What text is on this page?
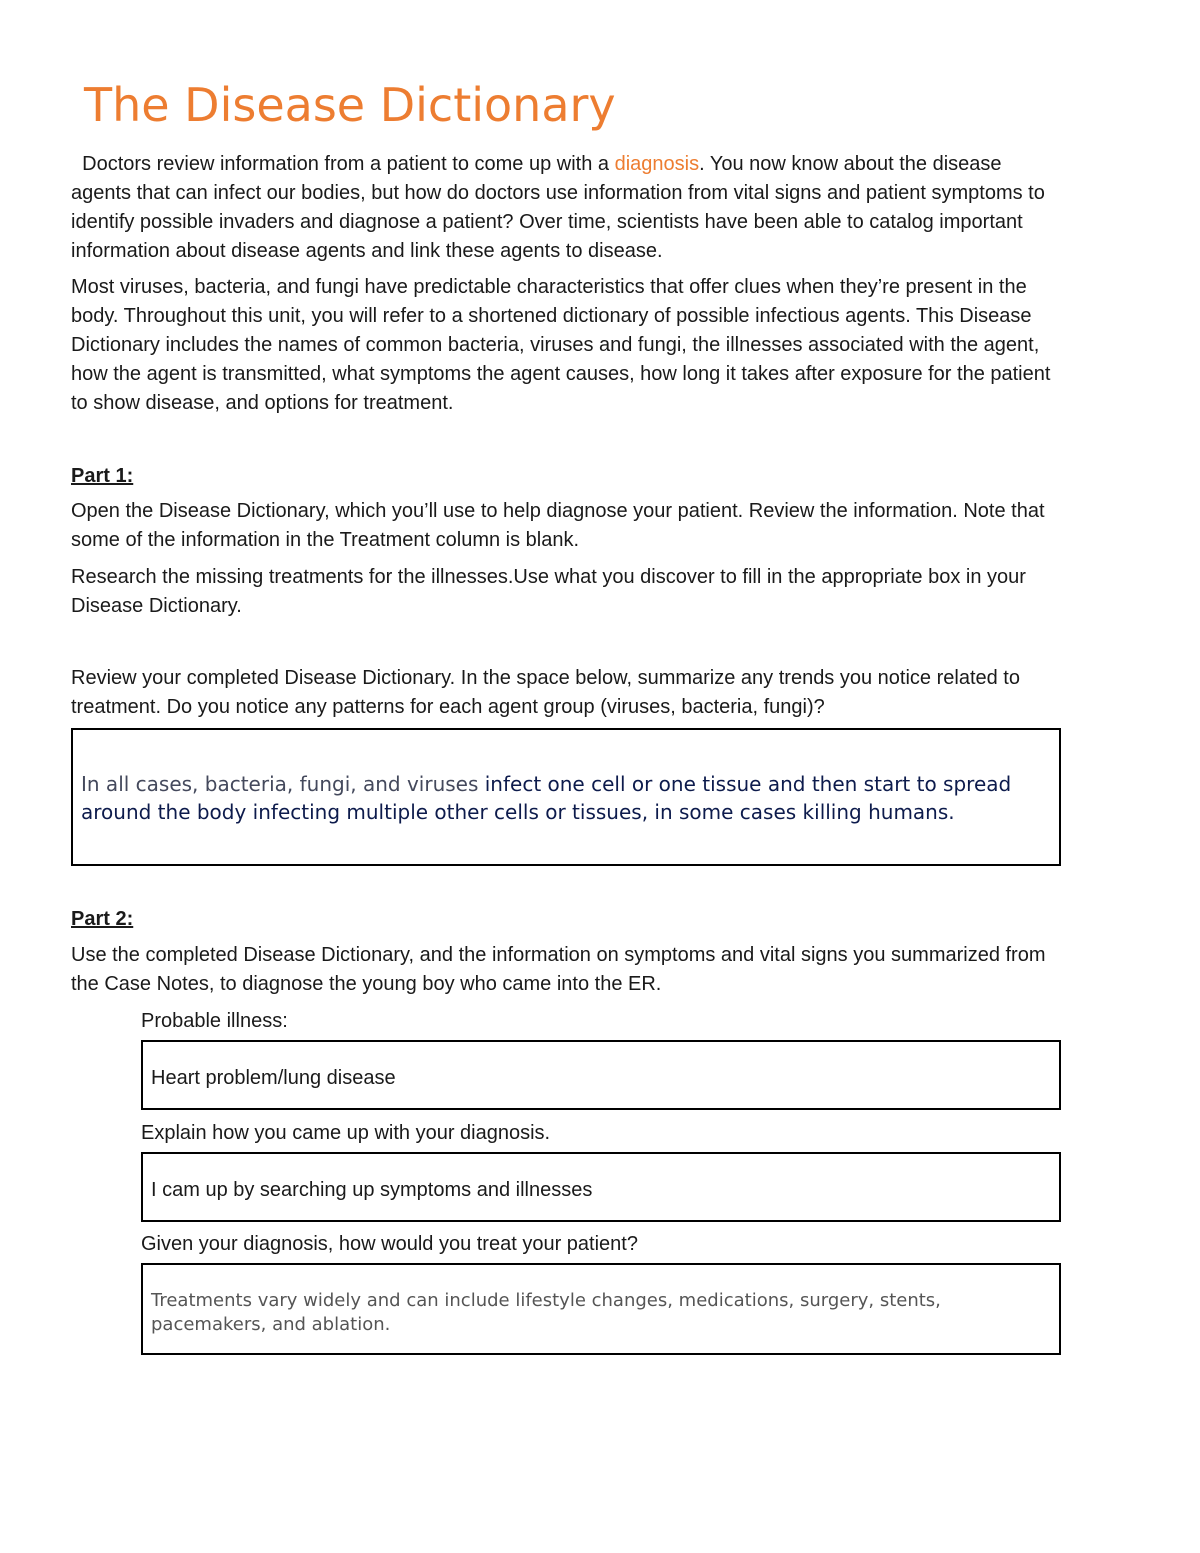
The Disease Dictionary

Doctors review information from a patient to come up with a diagnosis. You now know about the disease agents that can infect our bodies, but how do doctors use information from vital signs and patient symptoms to identify possible invaders and diagnose a patient? Over time, scientists have been able to catalog important information about disease agents and link these agents to disease.

Most viruses, bacteria, and fungi have predictable characteristics that offer clues when they’re present in the body. Throughout this unit, you will refer to a shortened dictionary of possible infectious agents. This Disease Dictionary includes the names of common bacteria, viruses and fungi, the illnesses associated with the agent, how the agent is transmitted, what symptoms the agent causes, how long it takes after exposure for the patient to show disease, and options for treatment.

Part 1:

Open the Disease Dictionary, which you’ll use to help diagnose your patient. Review the information. Note that some of the information in the Treatment column is blank.

Research the missing treatments for the illnesses.Use what you discover to fill in the appropriate box in your Disease Dictionary.

Review your completed Disease Dictionary. In the space below, summarize any trends you notice related to treatment. Do you notice any patterns for each agent group (viruses, bacteria, fungi)?

In all cases, bacteria, fungi, and viruses infect one cell or one tissue and then start to spread around the body infecting multiple other cells or tissues, in some cases killing humans.

Part 2:

Use the completed Disease Dictionary, and the information on symptoms and vital signs you summarized from the Case Notes, to diagnose the young boy who came into the ER.

Probable illness:

Heart problem/lung disease

Explain how you came up with your diagnosis.

I cam up by searching up symptoms and illnesses

Given your diagnosis, how would you treat your patient?

Treatments vary widely and can include lifestyle changes, medications, surgery, stents, pacemakers, and ablation.
